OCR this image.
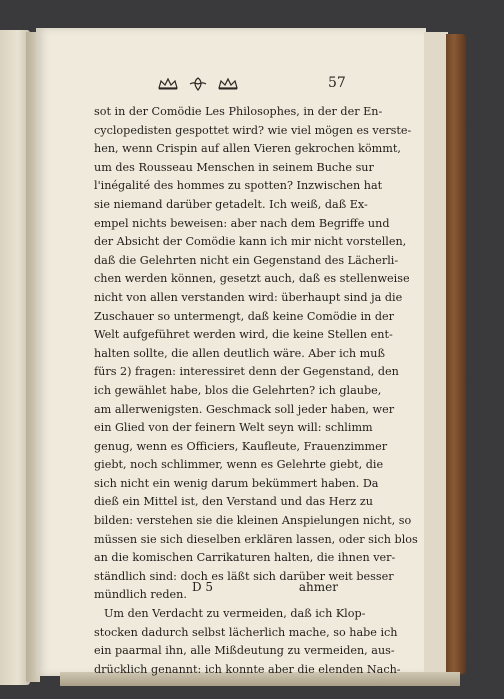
57
sot in der Comödie Les Philosophes, in der der En-
cyclopedisten gespottet wird? wie viel mögen es verste-
hen, wenn Crispin auf allen Vieren gekrochen kömmt,
um des Rousseau Menschen in seinem Buche sur
l'inégalité des hommes zu spotten? Inzwischen hat
sie niemand darüber getadelt. Ich weiß, daß Ex-
empel nichts beweisen: aber nach dem Begriffe und
der Absicht der Comödie kann ich mir nicht vorstellen,
daß die Gelehrten nicht ein Gegenstand des Lächerli-
chen werden können, gesetzt auch, daß es stellenweise
nicht von allen verstanden wird: überhaupt sind ja die
Zuschauer so untermengt, daß keine Comödie in der
Welt aufgeführet werden wird, die keine Stellen ent-
halten sollte, die allen deutlich wäre. Aber ich muß
fürs 2) fragen: interessiret denn der Gegenstand, den
ich gewählet habe, blos die Gelehrten? ich glaube,
am allerwenigsten. Geschmack soll jeder haben, wer
ein Glied von der feinern Welt seyn will: schlimm
genug, wenn es Officiers, Kaufleute, Frauenzimmer
giebt, noch schlimmer, wenn es Gelehrte giebt, die
sich nicht ein wenig darum bekümmert haben. Da
dieß ein Mittel ist, den Verstand und das Herz zu
bilden: verstehen sie die kleinen Anspielungen nicht, so
müssen sie sich dieselben erklären lassen, oder sich blos
an die komischen Carrikaturen halten, die ihnen ver-
ständlich sind: doch es läßt sich darüber weit besser
mündlich reden.
Um den Verdacht zu vermeiden, daß ich Klop-
stocken dadurch selbst lächerlich mache, so habe ich
ein paarmal ihn, alle Mißdeutung zu vermeiden, aus-
drücklich genannt: ich konnte aber die elenden Nach-
D 5	ahmer
